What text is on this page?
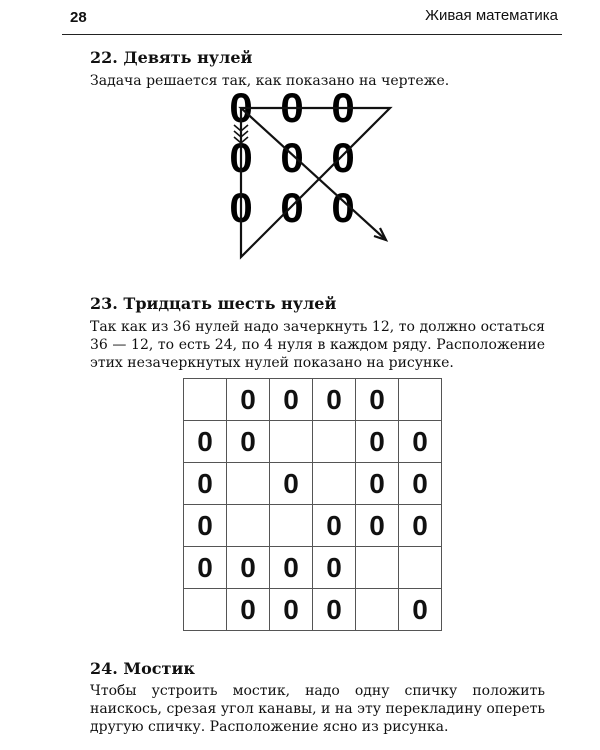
28	Живая математика
22. Девять нулей

Задача решается так, как показано на чертеже.

0 0 0
0 0 0
0 0 0
23. Тридцать шесть нулей

Так как из 36 нулей надо зачеркнуть 12, то должно остаться 36 — 12, то есть 24, по 4 нуля в каждом ряду. Расположение этих незачеркнутых нулей показано на рисунке.

	0	0	0	0	
0	0			0	0
0		0		0	0
0			0	0	0
0	0	0	0		
	0	0	0		0
24. Мостик

Чтобы устроить мостик, надо одну спичку положить наискось, срезая угол канавы, и на эту перекладину опереть другую спичку. Расположение ясно из рисунка.
